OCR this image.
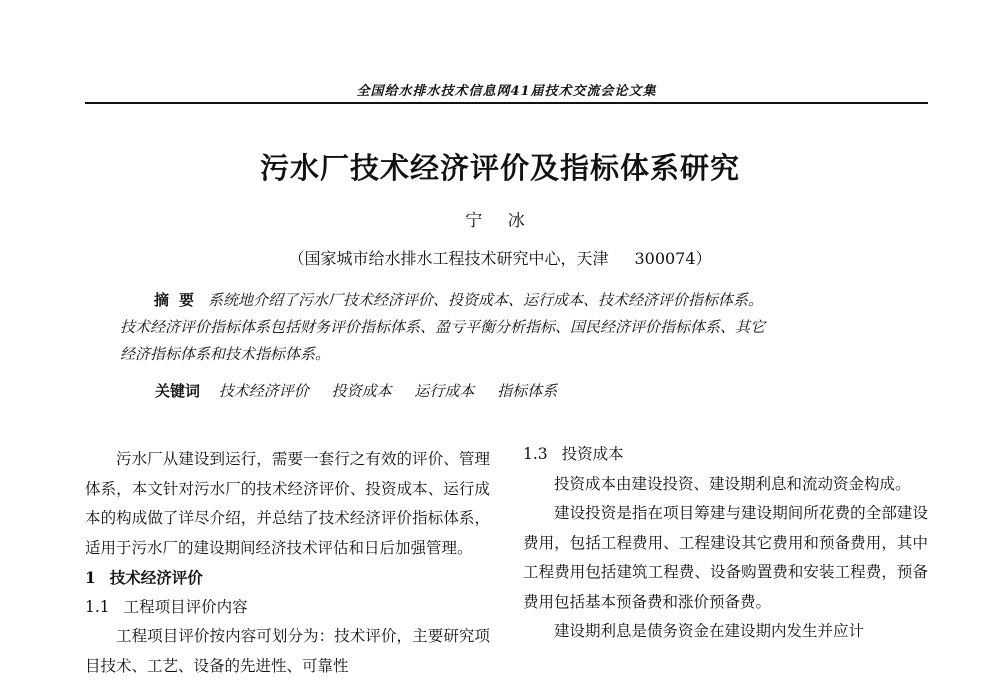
全国给水排水技术信息网41届技术交流会论文集
污水厂技术经济评价及指标体系研究
宁 冰
（国家城市给水排水工程技术研究中心，天津 300074）
摘要 系统地介绍了污水厂技术经济评价、投资成本、运行成本、技术经济评价指标体系。
技术经济评价指标体系包括财务评价指标体系、盈亏平衡分析指标、国民经济评价指标体系、其它
经济指标体系和技术指标体系。
关键词 技术经济评价 投资成本 运行成本 指标体系

污水厂从建设到运行，需要一套行之有效的评价、管理体系，本文针对污水厂的技术经济评价、投资成本、运行成本的构成做了详尽介绍，并总结了技术经济评价指标体系，适用于污水厂的建设期间经济技术评估和日后加强管理。

1 技术经济评价

1.1 工程项目评价内容

工程项目评价按内容可划分为：技术评价，主要研究项目技术、工艺、设备的先进性、可靠性

1.3 投资成本

投资成本由建设投资、建设期利息和流动资金构成。

建设投资是指在项目筹建与建设期间所花费的全部建设费用，包括工程费用、工程建设其它费用和预备费用，其中工程费用包括建筑工程费、设备购置费和安装工程费，预备费用包括基本预备费和涨价预备费。

建设期利息是债务资金在建设期内发生并应计
